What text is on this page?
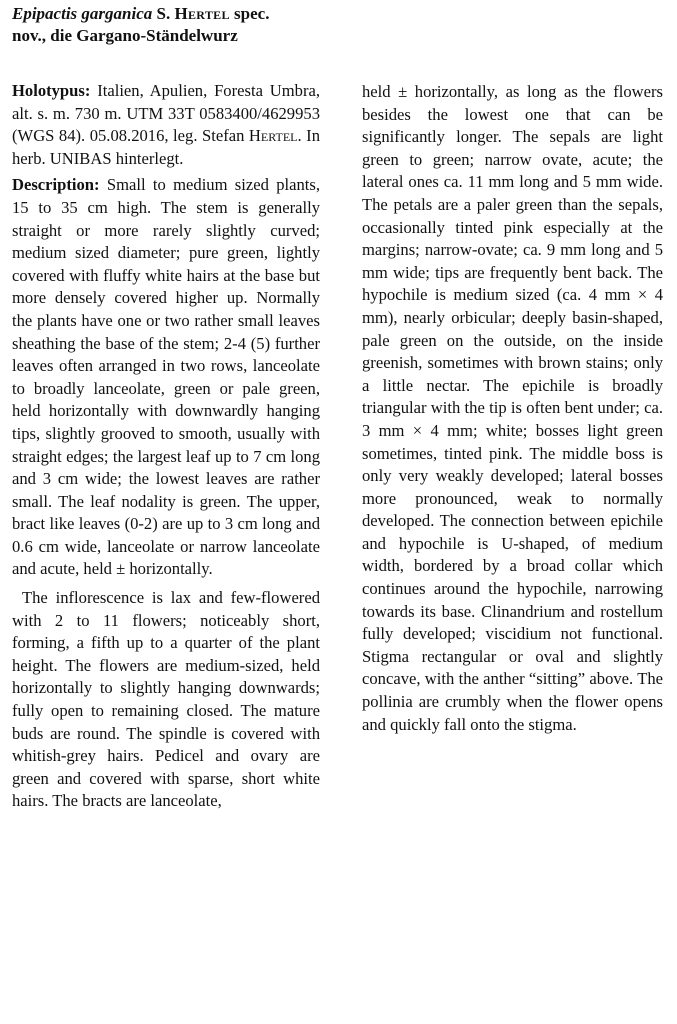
Epipactis garganica S. Hertel spec.
nov., die Gargano-Ständelwurz

Holotypus: Italien, Apulien, Foresta Umbra, alt. s. m. 730 m. UTM 33T 0583400/4629953 (WGS 84). 05.08.2016, leg. Stefan Hertel. In herb. UNIBAS hinterlegt.

Description: Small to medium sized plants, 15 to 35 cm high. The stem is generally straight or more rarely slightly curved; medium sized diameter; pure green, lightly covered with fluffy white hairs at the base but more densely covered higher up. Normally the plants have one or two rather small leaves sheathing the base of the stem; 2-4 (5) further leaves often arranged in two rows, lanceolate to broadly lanceolate, green or pale green, held horizontally with downwardly hanging tips, slightly grooved to smooth, usually with straight edges; the largest leaf up to 7 cm long and 3 cm wide; the lowest leaves are rather small. The leaf nodality is green. The upper, bract like leaves (0-2) are up to 3 cm long and 0.6 cm wide, lanceolate or narrow lanceolate and acute, held ± horizontally.

The inflorescence is lax and few-flowered with 2 to 11 flowers; noticeably short, forming, a fifth up to a quarter of the plant height. The flowers are medium-sized, held horizontally to slightly hanging downwards; fully open to remaining closed. The mature buds are round. The spindle is covered with whitish-grey hairs. Pedicel and ovary are green and covered with sparse, short white hairs. The bracts are lanceolate,

held ± horizontally, as long as the flowers besides the lowest one that can be significantly longer. The sepals are light green to green; narrow ovate, acute; the lateral ones ca. 11 mm long and 5 mm wide. The petals are a paler green than the sepals, occasionally tinted pink especially at the margins; narrow-ovate; ca. 9 mm long and 5 mm wide; tips are frequently bent back. The hypochile is medium sized (ca. 4 mm × 4 mm), nearly orbicular; deeply basin-shaped, pale green on the outside, on the inside greenish, sometimes with brown stains; only a little nectar. The epichile is broadly triangular with the tip is often bent under; ca. 3 mm × 4 mm; white; bosses light green sometimes, tinted pink. The middle boss is only very weakly developed; lateral bosses more pronounced, weak to normally developed. The connection between epichile and hypochile is U-shaped, of medium width, bordered by a broad collar which continues around the hypochile, narrowing towards its base. Clinandrium and rostellum fully developed; viscidium not functional. Stigma rectangular or oval and slightly concave, with the anther “sitting” above. The pollinia are crumbly when the flower opens and quickly fall onto the stigma.
